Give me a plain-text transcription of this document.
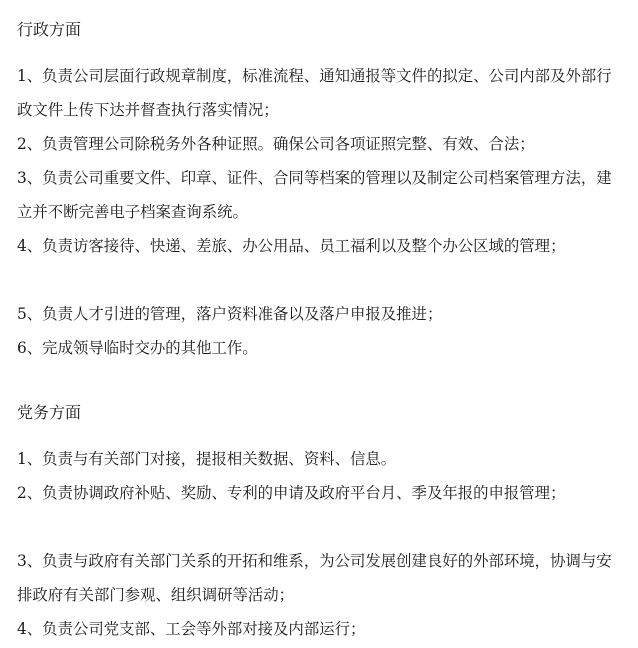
行政方面
1、负责公司层面行政规章制度，标准流程、通知通报等文件的拟定、公司内部及外部行政文件上传下达并督查执行落实情况；
2、负责管理公司除税务外各种证照。确保公司各项证照完整、有效、合法；
3、负责公司重要文件、印章、证件、合同等档案的管理以及制定公司档案管理方法，建立并不断完善电子档案查询系统。
4、负责访客接待、快递、差旅、办公用品、员工福利以及整个办公区域的管理；
5、负责人才引进的管理，落户资料准备以及落户申报及推进；
6、完成领导临时交办的其他工作。
党务方面
1、负责与有关部门对接，提报相关数据、资料、信息。
2、负责协调政府补贴、奖励、专利的申请及政府平台月、季及年报的申报管理；
3、负责与政府有关部门关系的开拓和维系，为公司发展创建良好的外部环境，协调与安排政府有关部门参观、组织调研等活动；
4、负责公司党支部、工会等外部对接及内部运行；
